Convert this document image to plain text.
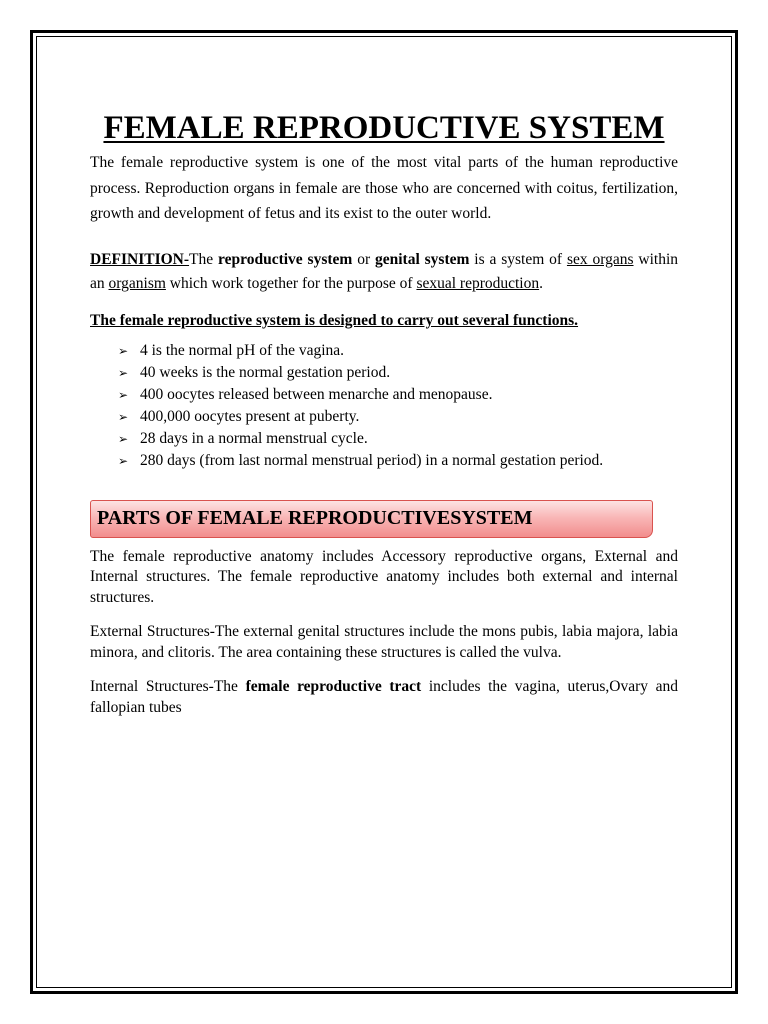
FEMALE REPRODUCTIVE SYSTEM

The female reproductive system is one of the most vital parts of the human reproductive process. Reproduction organs in female are those who are concerned with coitus, fertilization, growth and development of fetus and its exist to the outer world.

DEFINITION-The reproductive system or genital system is a system of sex organs within an organism which work together for the purpose of sexual reproduction.

The female reproductive system is designed to carry out several functions.

➢ 4 is the normal pH of the vagina.
➢ 40 weeks is the normal gestation period.
➢ 400 oocytes released between menarche and menopause.
➢ 400,000 oocytes present at puberty.
➢ 28 days in a normal menstrual cycle.
➢ 280 days (from last normal menstrual period) in a normal gestation period.
PARTS OF FEMALE REPRODUCTIVESYSTEM

The female reproductive anatomy includes Accessory reproductive organs, External and Internal structures. The female reproductive anatomy includes both external and internal structures.

External Structures-The external genital structures include the mons pubis, labia majora, labia minora, and clitoris. The area containing these structures is called the vulva.

Internal Structures-The female reproductive tract includes the vagina, uterus,Ovary and fallopian tubes
